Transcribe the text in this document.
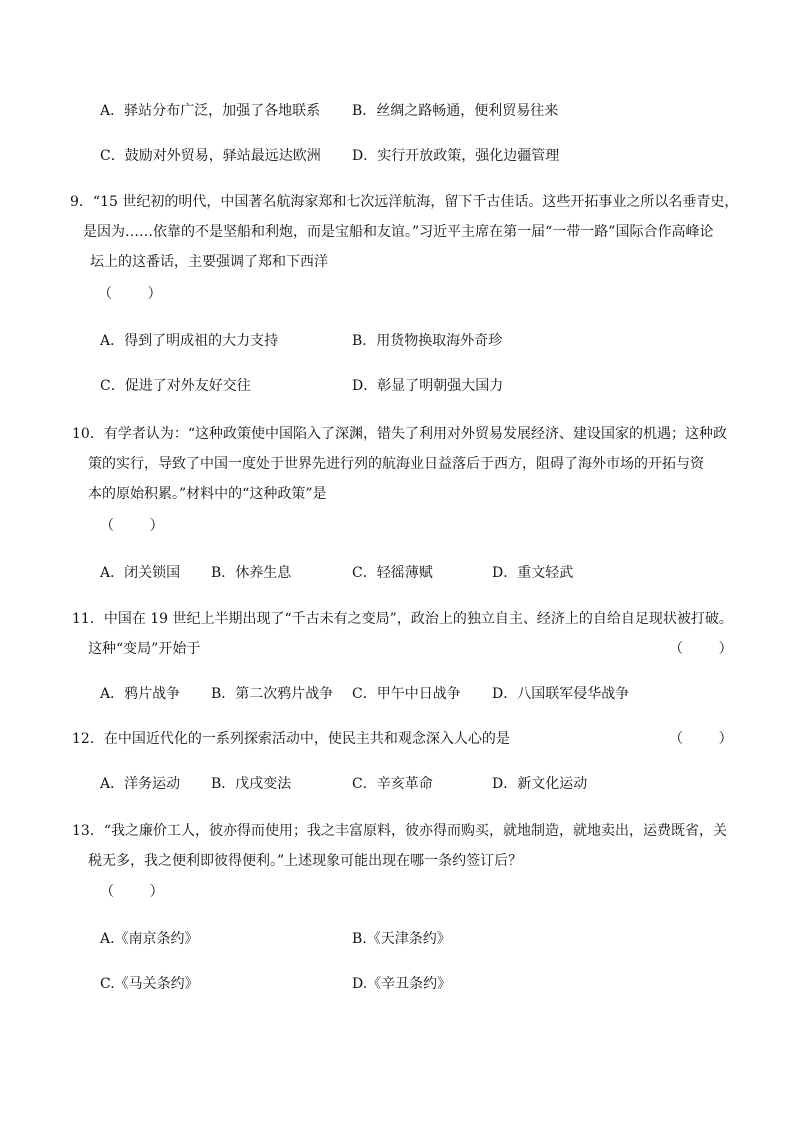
A．驿站分布广泛，加强了各地联系 B．丝绸之路畅通，便利贸易往来
C．鼓励对外贸易，驿站最远达欧洲 D．实行开放政策，强化边疆管理
9．“15 世纪初的明代，中国著名航海家郑和七次远洋航海，留下千古佳话。这些开拓事业之所以名垂青史，
是因为……依靠的不是坚船和利炮，而是宝船和友谊。”习近平主席在第一届“一带一路”国际合作高峰论
坛上的这番话，主要强调了郑和下西洋
（        ）
A．得到了明成祖的大力支持	B．用货物换取海外奇珍
C．促进了对外友好交往	D．彰显了明朝强大国力
10．有学者认为：“这种政策使中国陷入了深渊，错失了利用对外贸易发展经济、建设国家的机遇；这种政
策的实行，导致了中国一度处于世界先进行列的航海业日益落后于西方，阻碍了海外市场的开拓与资
本的原始积累。”材料中的“这种政策”是
（        ）
A．闭关锁国 B．休养生息	C．轻徭薄赋	D．重文轻武
11．中国在 19 世纪上半期出现了“千古未有之变局”，政治上的独立自主、经济上的自给自足现状被打破。
这种“变局”开始于	（        ）
A．鸦片战争 B．第二次鸦片战争 C．甲午中日战争 D．八国联军侵华战争
12．在中国近代化的一系列探索活动中，使民主共和观念深入人心的是	（        ）
A．洋务运动 B．戊戌变法	C．辛亥革命	D．新文化运动
13．“我之廉价工人，彼亦得而使用；我之丰富原料，彼亦得而购买，就地制造，就地卖出，运费既省，关
税无多，我之便利即彼得便利。”上述现象可能出现在哪一条约签订后？
（        ）
A.《南京条约》	B.《天津条约》
C.《马关条约》	D.《辛丑条约》
